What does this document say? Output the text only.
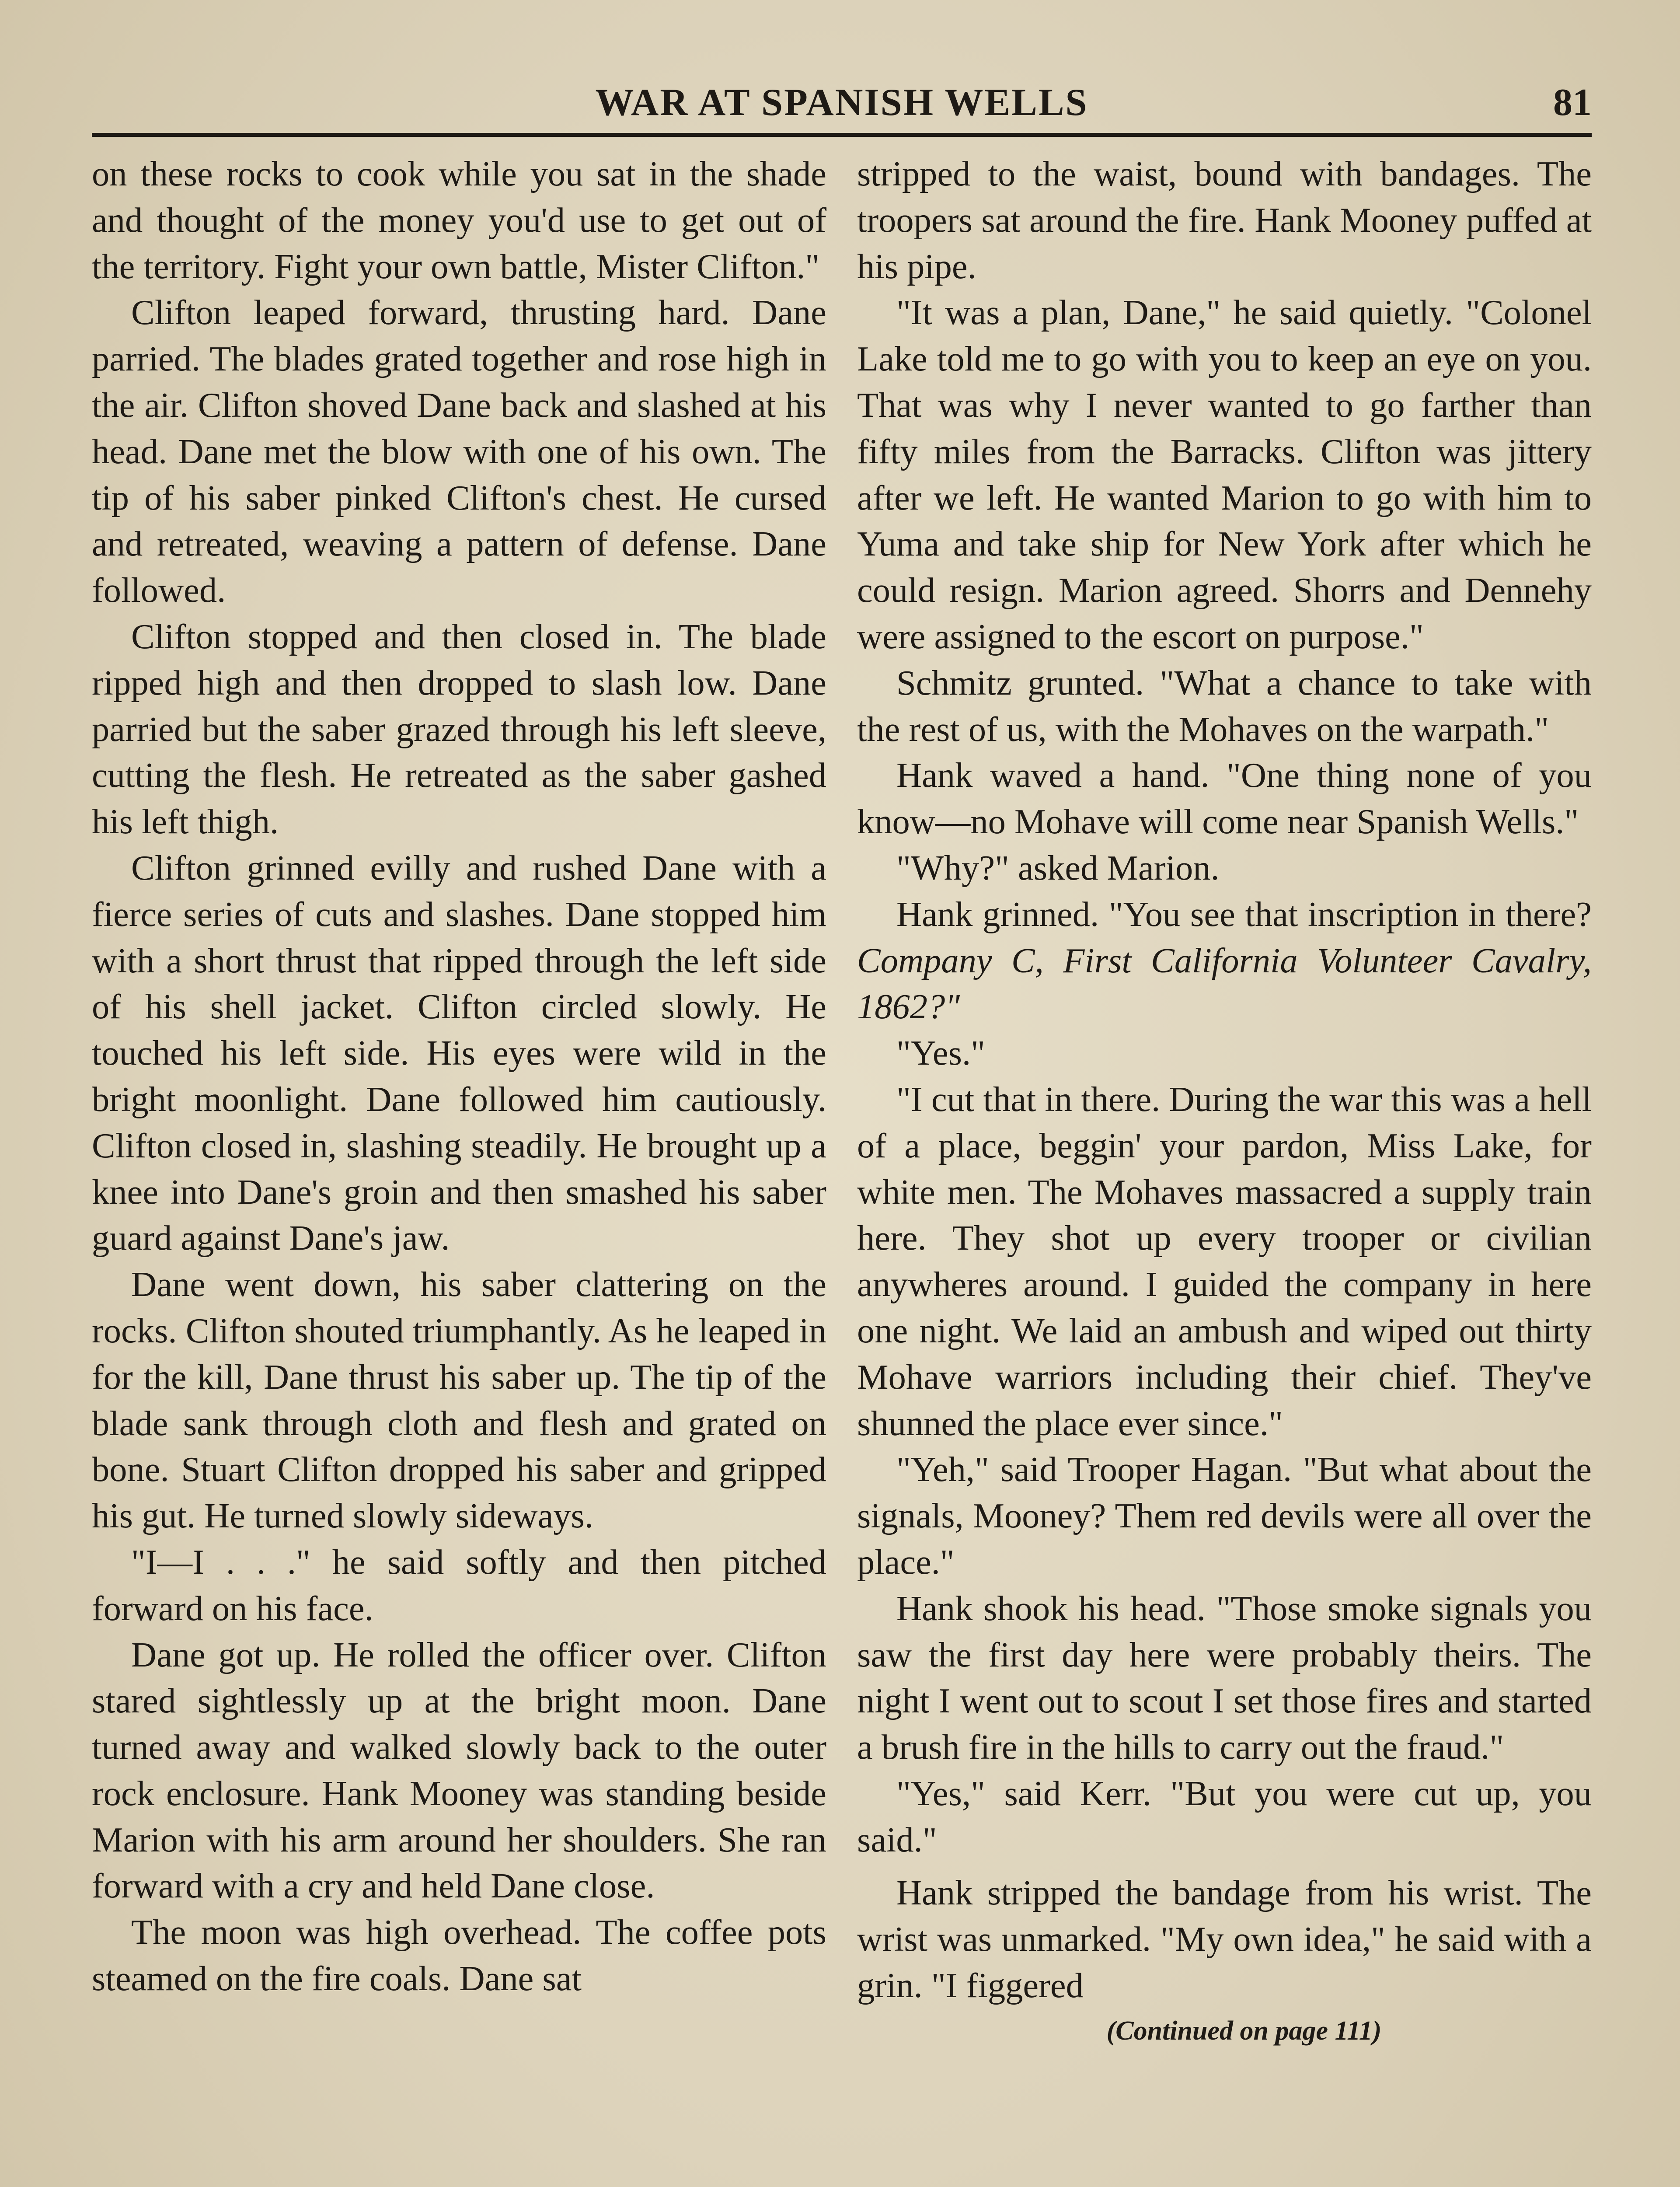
WAR AT SPANISH WELLS	81

on these rocks to cook while you sat in the shade and thought of the money you'd use to get out of the territory. Fight your own battle, Mister Clifton."

Clifton leaped forward, thrusting hard. Dane parried. The blades grated together and rose high in the air. Clifton shoved Dane back and slashed at his head. Dane met the blow with one of his own. The tip of his saber pinked Clifton's chest. He cursed and retreated, weaving a pattern of defense. Dane followed.

Clifton stopped and then closed in. The blade ripped high and then dropped to slash low. Dane parried but the saber grazed through his left sleeve, cutting the flesh. He retreated as the saber gashed his left thigh.

Clifton grinned evilly and rushed Dane with a fierce series of cuts and slashes. Dane stopped him with a short thrust that ripped through the left side of his shell jacket. Clifton circled slowly. He touched his left side. His eyes were wild in the bright moonlight. Dane followed him cautiously. Clifton closed in, slashing steadily. He brought up a knee into Dane's groin and then smashed his saber guard against Dane's jaw.

Dane went down, his saber clattering on the rocks. Clifton shouted triumphantly. As he leaped in for the kill, Dane thrust his saber up. The tip of the blade sank through cloth and flesh and grated on bone. Stuart Clifton dropped his saber and gripped his gut. He turned slowly sideways.

"I—I . . ." he said softly and then pitched forward on his face.

Dane got up. He rolled the officer over. Clifton stared sightlessly up at the bright moon. Dane turned away and walked slowly back to the outer rock enclosure. Hank Mooney was standing beside Marion with his arm around her shoulders. She ran forward with a cry and held Dane close.

The moon was high overhead. The coffee pots steamed on the fire coals. Dane sat

stripped to the waist, bound with bandages. The troopers sat around the fire. Hank Mooney puffed at his pipe.

"It was a plan, Dane," he said quietly. "Colonel Lake told me to go with you to keep an eye on you. That was why I never wanted to go farther than fifty miles from the Barracks. Clifton was jittery after we left. He wanted Marion to go with him to Yuma and take ship for New York after which he could resign. Marion agreed. Shorrs and Dennehy were assigned to the escort on purpose."

Schmitz grunted. "What a chance to take with the rest of us, with the Mohaves on the warpath."

Hank waved a hand. "One thing none of you know—no Mohave will come near Spanish Wells."

"Why?" asked Marion.

Hank grinned. "You see that inscription in there? Company C, First California Volunteer Cavalry, 1862?"

"Yes."

"I cut that in there. During the war this was a hell of a place, beggin' your pardon, Miss Lake, for white men. The Mohaves massacred a supply train here. They shot up every trooper or civilian anywheres around. I guided the company in here one night. We laid an ambush and wiped out thirty Mohave warriors including their chief. They've shunned the place ever since."

"Yeh," said Trooper Hagan. "But what about the signals, Mooney? Them red devils were all over the place."

Hank shook his head. "Those smoke signals you saw the first day here were probably theirs. The night I went out to scout I set those fires and started a brush fire in the hills to carry out the fraud."

"Yes," said Kerr. "But you were cut up, you said."

Hank stripped the bandage from his wrist. The wrist was unmarked. "My own idea," he said with a grin. "I figgered

(Continued on page 111)
